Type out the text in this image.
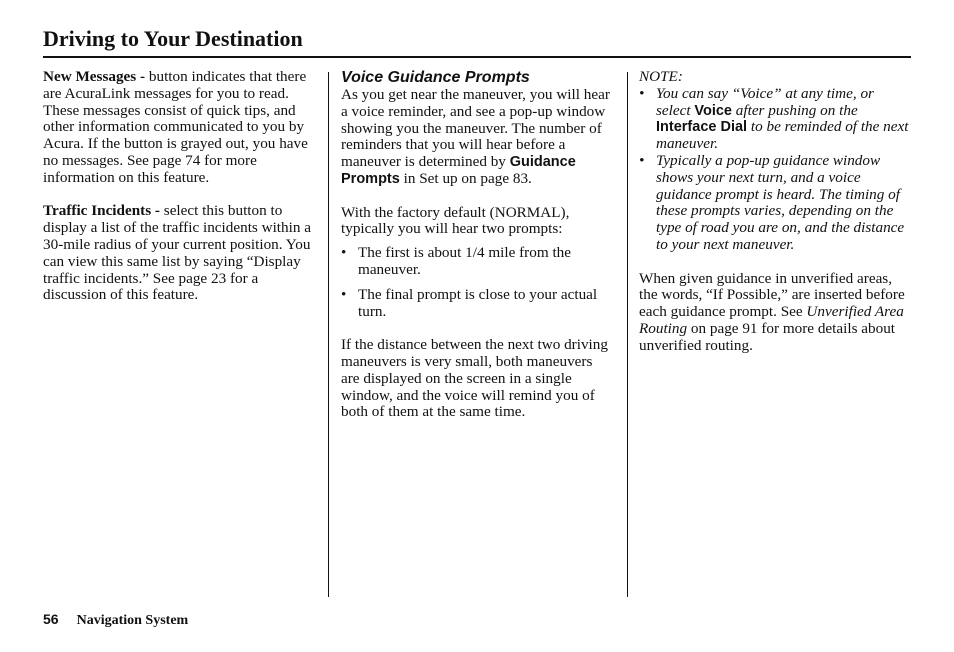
Driving to Your Destination

New Messages - button indicates that there are AcuraLink messages for you to read. These messages consist of quick tips, and other information communicated to you by Acura. If the button is grayed out, you have no messages. See page 74 for more information on this feature.

Traffic Incidents - select this button to display a list of the traffic incidents within a 30-mile radius of your current position. You can view this same list by saying “Display traffic incidents.” See page 23 for a discussion of this feature.

Voice Guidance Prompts

As you get near the maneuver, you will hear a voice reminder, and see a pop-up window showing you the maneuver. The number of reminders that you will hear before a maneuver is determined by Guidance Prompts in Set up on page 83.

With the factory default (NORMAL), typically you will hear two prompts:

• The first is about 1/4 mile from the maneuver.
• The final prompt is close to your actual turn.

If the distance between the next two driving maneuvers is very small, both maneuvers are displayed on the screen in a single window, and the voice will remind you of both of them at the same time.

NOTE:

• You can say “Voice” at any time, or select Voice after pushing on the Interface Dial to be reminded of the next maneuver.
• Typically a pop-up guidance window shows your next turn, and a voice guidance prompt is heard. The timing of these prompts varies, depending on the type of road you are on, and the distance to your next maneuver.

When given guidance in unverified areas, the words, “If Possible,” are inserted before each guidance prompt. See Unverified Area Routing on page 91 for more details about unverified routing.

56 Navigation System
